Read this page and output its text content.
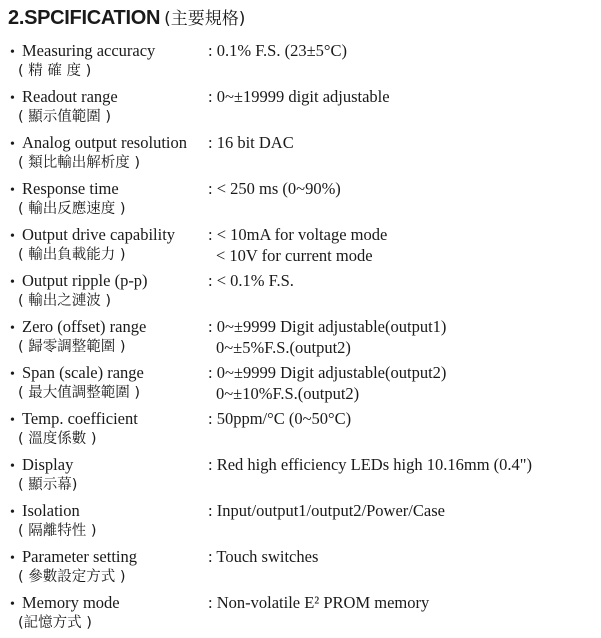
2.SPCIFICATION (主要規格)
• Measuring accuracy	: 0.1% F.S. (23±5°C)
( 精 確 度 )
• Readout range	: 0~±19999 digit adjustable
( 顯示值範圍 )
• Analog output resolution : 16 bit DAC
( 類比輸出解析度 )
• Response time	: < 250 ms (0~90%)
( 輸出反應速度 )
• Output drive capability : < 10mA for voltage mode
( 輸出負載能力 )	< 10V for current mode
• Output ripple (p-p)	: < 0.1% F.S.
( 輸出之漣波 )
• Zero (offset) range	: 0~±9999 Digit adjustable(output1)
( 歸零調整範圍 )	0~±5%F.S.(output2)
• Span (scale) range	: 0~±9999 Digit adjustable(output2)
( 最大值調整範圍 )	0~±10%F.S.(output2)
• Temp. coefficient	: 50ppm/°C (0~50°C)
( 溫度係數 )
• Display	: Red high efficiency LEDs high 10.16mm (0.4")
( 顯示幕)
• Isolation	: Input/output1/output2/Power/Case
( 隔離特性 )
• Parameter setting	: Touch switches
( 參數設定方式 )
• Memory mode	: Non-volatile E² PROM memory
(記憶方式 )
